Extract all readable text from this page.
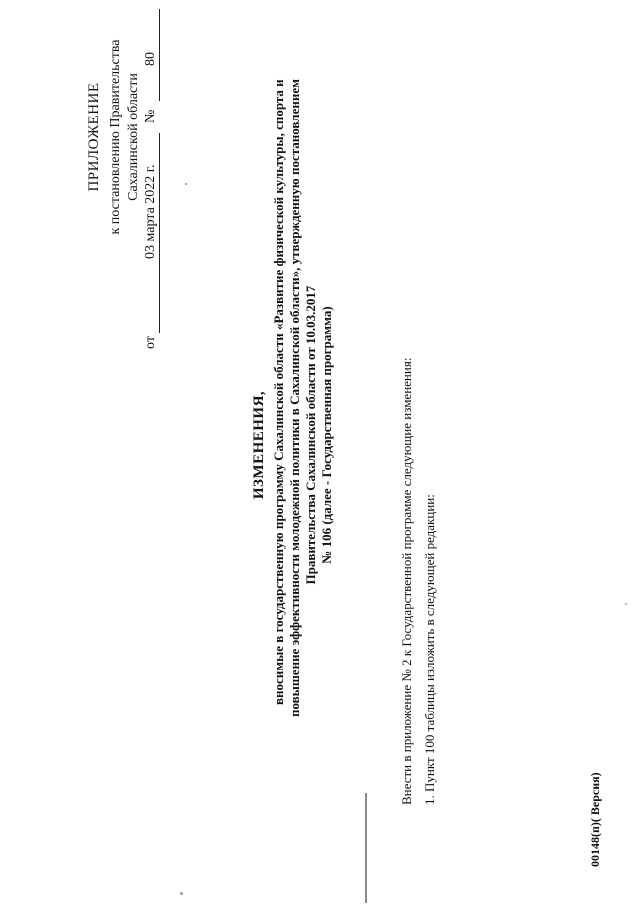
ПРИЛОЖЕНИЕ к постановлению Правительства Сахалинской области
от
03 марта 2022 г.
№
80
ИЗМЕНЕНИЯ, вносимые в государственную программу Сахалинской области «Развитие физической культуры, спорта и повышение эффективности молодежной политики в Сахалинской области», утвержденную постановлением Правительства Сахалинской области от 10.03.2017 № 106 (далее - Государственная программа)	Внести в приложение № 2 к Государственной программе следующие изменения: 1. Пункт 100 таблицы изложить в следующей редакции:
00148(п)( Версия)
